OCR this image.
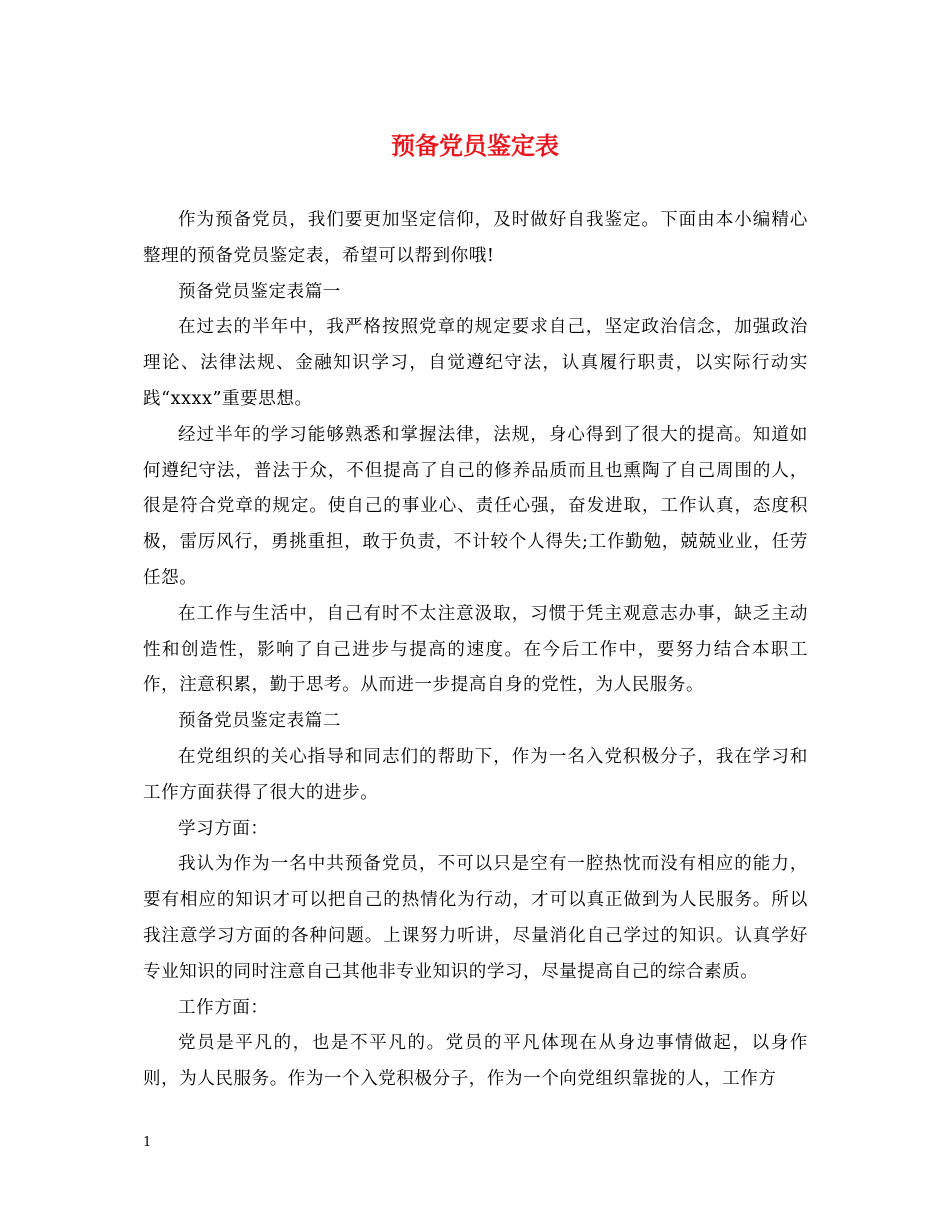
预备党员鉴定表

作为预备党员，我们要更加坚定信仰，及时做好自我鉴定。下面由本小编精心整理的预备党员鉴定表，希望可以帮到你哦!

预备党员鉴定表篇一

在过去的半年中，我严格按照党章的规定要求自己，坚定政治信念，加强政治理论、法律法规、金融知识学习，自觉遵纪守法，认真履行职责，以实际行动实践“xxxx”重要思想。

经过半年的学习能够熟悉和掌握法律，法规，身心得到了很大的提高。知道如何遵纪守法，普法于众，不但提高了自己的修养品质而且也熏陶了自己周围的人，很是符合党章的规定。使自己的事业心、责任心强，奋发进取，工作认真，态度积极，雷厉风行，勇挑重担，敢于负责，不计较个人得失;工作勤勉，兢兢业业，任劳任怨。

在工作与生活中，自己有时不太注意汲取，习惯于凭主观意志办事，缺乏主动性和创造性，影响了自己进步与提高的速度。在今后工作中，要努力结合本职工作，注意积累，勤于思考。从而进一步提高自身的党性，为人民服务。

预备党员鉴定表篇二

在党组织的关心指导和同志们的帮助下，作为一名入党积极分子，我在学习和工作方面获得了很大的进步。

学习方面：

我认为作为一名中共预备党员，不可以只是空有一腔热忱而没有相应的能力，要有相应的知识才可以把自己的热情化为行动，才可以真正做到为人民服务。所以我注意学习方面的各种问题。上课努力听讲，尽量消化自己学过的知识。认真学好专业知识的同时注意自己其他非专业知识的学习，尽量提高自己的综合素质。

工作方面：

党员是平凡的，也是不平凡的。党员的平凡体现在从身边事情做起，以身作则，为人民服务。作为一个入党积极分子，作为一个向党组织靠拢的人，工作方

1
